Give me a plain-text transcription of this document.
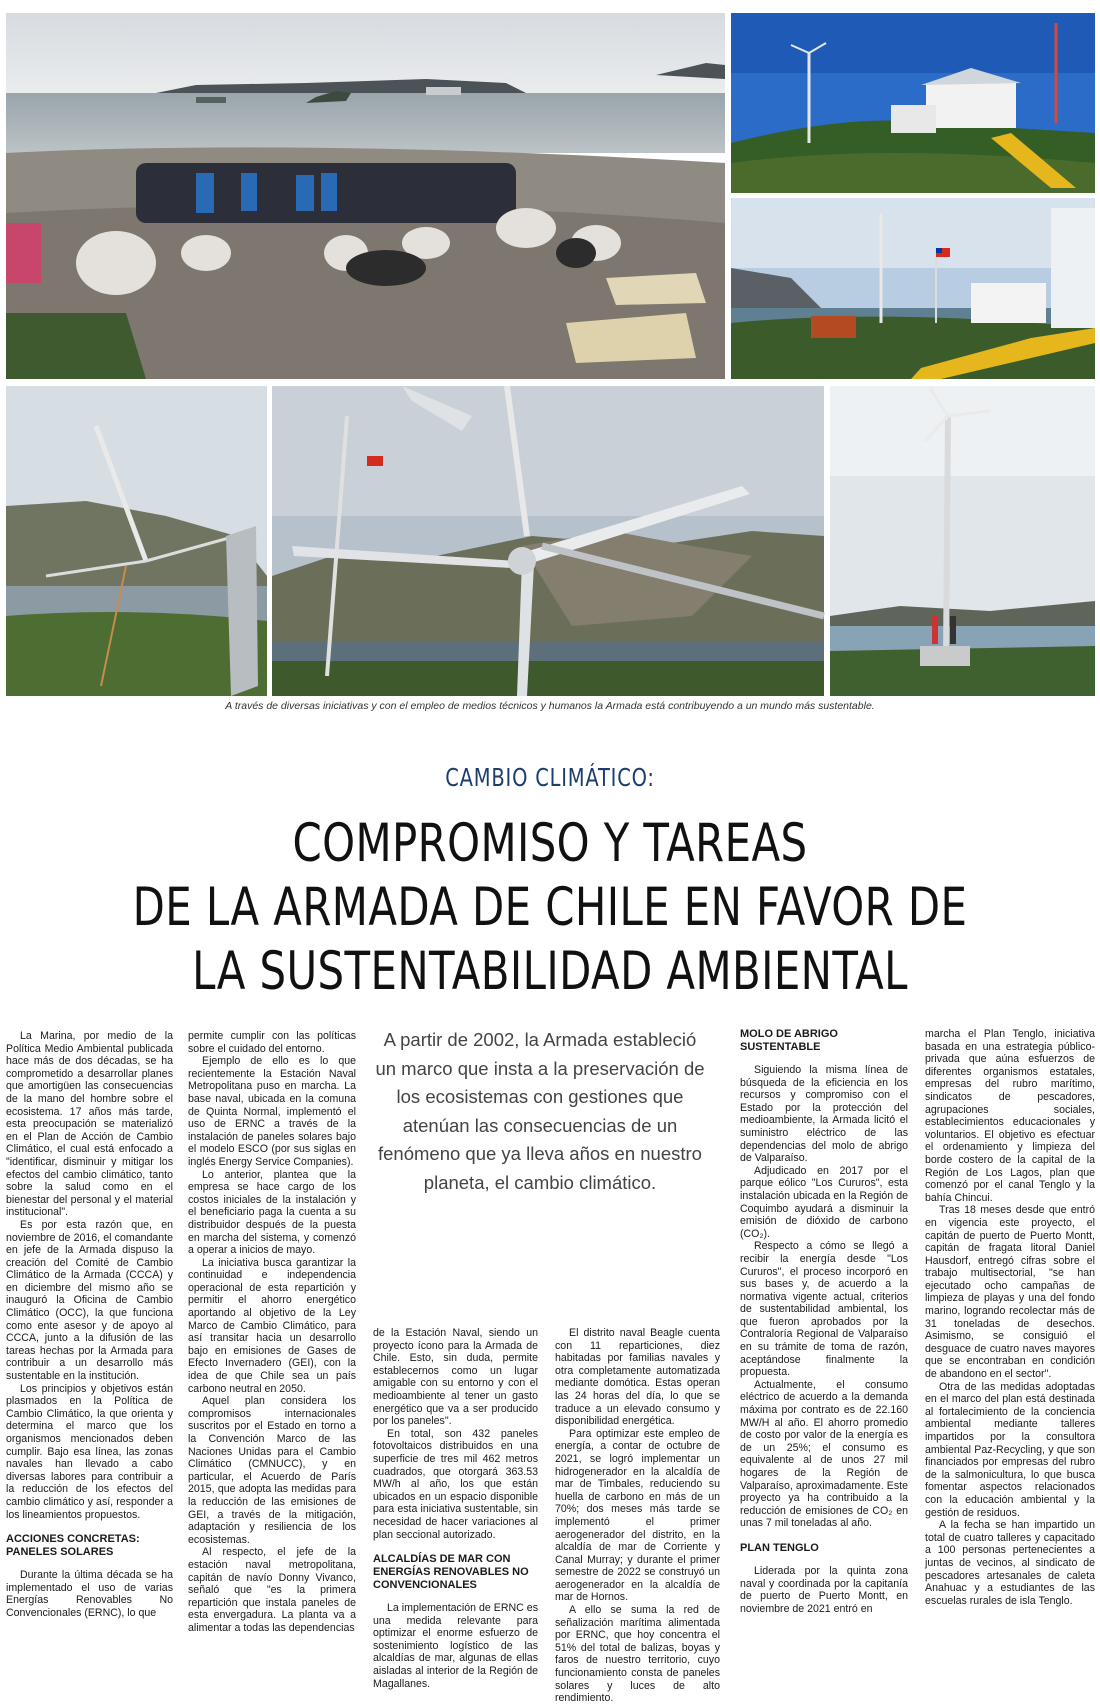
A través de diversas iniciativas y con el empleo de medios técnicos y humanos la Armada está contribuyendo a un mundo más sustentable.
CAMBIO CLIMÁTICO:
COMPROMISO Y TAREAS
DE LA ARMADA DE CHILE EN FAVOR DE
LA SUSTENTABILIDAD AMBIENTAL
A partir de 2002, la Armada estableció un marco que insta a la preservación de los ecosistemas con gestiones que atenúan las consecuencias de un fenómeno que ya lleva años en nuestro planeta, el cambio climático.

La Marina, por medio de la Política Medio Ambiental publicada hace más de dos décadas, se ha comprometido a desarrollar planes que amortigüen las consecuencias de la mano del hombre sobre el ecosistema. 17 años más tarde, esta preocupación se materializó en el Plan de Acción de Cambio Climático, el cual está enfocado a "identificar, disminuir y mitigar los efectos del cambio climático, tanto sobre la salud como en el bienestar del personal y el material institucional".

Es por esta razón que, en noviembre de 2016, el comandante en jefe de la Armada dispuso la creación del Comité de Cambio Climático de la Armada (CCCA) y en diciembre del mismo año se inauguró la Oficina de Cambio Climático (OCC), la que funciona como ente asesor y de apoyo al CCCA, junto a la difusión de las tareas hechas por la Armada para contribuir a un desarrollo más sustentable en la institución.

Los principios y objetivos están plasmados en la Política de Cambio Climático, la que orienta y determina el marco que los organismos mencionados deben cumplir. Bajo esa línea, las zonas navales han llevado a cabo diversas labores para contribuir a la reducción de los efectos del cambio climático y así, responder a los lineamientos propuestos.

ACCIONES CONCRETAS: PANELES SOLARES

Durante la última década se ha implementado el uso de varias Energías Renovables No Convencionales (ERNC), lo que

permite cumplir con las políticas sobre el cuidado del entorno.

Ejemplo de ello es lo que recientemente la Estación Naval Metropolitana puso en marcha. La base naval, ubicada en la comuna de Quinta Normal, implementó el uso de ERNC a través de la instalación de paneles solares bajo el modelo ESCO (por sus siglas en inglés Energy Service Companies).

Lo anterior, plantea que la empresa se hace cargo de los costos iniciales de la instalación y el beneficiario paga la cuenta a su distribuidor después de la puesta en marcha del sistema, y comenzó a operar a inicios de mayo.

La iniciativa busca garantizar la continuidad e independencia operacional de esta repartición y permitir el ahorro energético aportando al objetivo de la Ley Marco de Cambio Climático, para así transitar hacia un desarrollo bajo en emisiones de Gases de Efecto Invernadero (GEI), con la idea de que Chile sea un país carbono neutral en 2050.

Aquel plan considera los compromisos internacionales suscritos por el Estado en torno a la Convención Marco de las Naciones Unidas para el Cambio Climático (CMNUCC), y en particular, el Acuerdo de París 2015, que adopta las medidas para la reducción de las emisiones de GEI, a través de la mitigación, adaptación y resiliencia de los ecosistemas.

Al respecto, el jefe de la estación naval metropolitana, capitán de navío Donny Vivanco, señaló que "es la primera repartición que instala paneles de esta envergadura. La planta va a alimentar a todas las dependencias

de la Estación Naval, siendo un proyecto ícono para la Armada de Chile. Esto, sin duda, permite establecernos como un lugar amigable con su entorno y con el medioambiente al tener un gasto energético que va a ser producido por los paneles".

En total, son 432 paneles fotovoltaicos distribuidos en una superficie de tres mil 462 metros cuadrados, que otorgará 363.53 MW/h al año, los que están ubicados en un espacio disponible para esta iniciativa sustentable, sin necesidad de hacer variaciones al plan seccional autorizado.

ALCALDÍAS DE MAR CON ENERGÍAS RENOVABLES NO CONVENCIONALES

La implementación de ERNC es una medida relevante para optimizar el enorme esfuerzo de sostenimiento logístico de las alcaldías de mar, algunas de ellas aisladas al interior de la Región de Magallanes.

El distrito naval Beagle cuenta con 11 reparticiones, diez habitadas por familias navales y otra completamente automatizada mediante domótica. Estas operan las 24 horas del día, lo que se traduce a un elevado consumo y disponibilidad energética.

Para optimizar este empleo de energía, a contar de octubre de 2021, se logró implementar un hidrogenerador en la alcaldía de mar de Timbales, reduciendo su huella de carbono en más de un 70%; dos meses más tarde se implementó el primer aerogenerador del distrito, en la alcaldía de mar de Corriente y Canal Murray; y durante el primer semestre de 2022 se construyó un aerogenerador en la alcaldía de mar de Hornos.

A ello se suma la red de señalización marítima alimentada por ERNC, que hoy concentra el 51% del total de balizas, boyas y faros de nuestro territorio, cuyo funcionamiento consta de paneles solares y luces de alto rendimiento.

MOLO DE ABRIGO SUSTENTABLE

Siguiendo la misma línea de búsqueda de la eficiencia en los recursos y compromiso con el Estado por la protección del medioambiente, la Armada licitó el suministro eléctrico de las dependencias del molo de abrigo de Valparaíso.

Adjudicado en 2017 por el parque eólico "Los Cururos", esta instalación ubicada en la Región de Coquimbo ayudará a disminuir la emisión de dióxido de carbono (CO₂).

Respecto a cómo se llegó a recibir la energía desde "Los Cururos", el proceso incorporó en sus bases y, de acuerdo a la normativa vigente actual, criterios de sustentabilidad ambiental, los que fueron aprobados por la Contraloría Regional de Valparaíso en su trámite de toma de razón, aceptándose finalmente la propuesta.

Actualmente, el consumo eléctrico de acuerdo a la demanda máxima por contrato es de 22.160 MW/H al año. El ahorro promedio de costo por valor de la energía es de un 25%; el consumo es equivalente al de unos 27 mil hogares de la Región de Valparaíso, aproximadamente. Este proyecto ya ha contribuido a la reducción de emisiones de CO₂ en unas 7 mil toneladas al año.

PLAN TENGLO

Liderada por la quinta zona naval y coordinada por la capitanía de puerto de Puerto Montt, en noviembre de 2021 entró en

marcha el Plan Tenglo, iniciativa basada en una estrategia público-privada que aúna esfuerzos de diferentes organismos estatales, empresas del rubro marítimo, sindicatos de pescadores, agrupaciones sociales, establecimientos educacionales y voluntarios. El objetivo es efectuar el ordenamiento y limpieza del borde costero de la capital de la Región de Los Lagos, plan que comenzó por el canal Tenglo y la bahía Chincui.

Tras 18 meses desde que entró en vigencia este proyecto, el capitán de puerto de Puerto Montt, capitán de fragata litoral Daniel Hausdorf, entregó cifras sobre el trabajo multisectorial, "se han ejecutado ocho campañas de limpieza de playas y una del fondo marino, logrando recolectar más de 31 toneladas de desechos. Asimismo, se consiguió el desguace de cuatro naves mayores que se encontraban en condición de abandono en el sector".

Otra de las medidas adoptadas en el marco del plan está destinada al fortalecimiento de la conciencia ambiental mediante talleres impartidos por la consultora ambiental Paz-Recycling, y que son financiados por empresas del rubro de la salmonicultura, lo que busca fomentar aspectos relacionados con la educación ambiental y la gestión de residuos.

A la fecha se han impartido un total de cuatro talleres y capacitado a 100 personas pertenecientes a juntas de vecinos, al sindicato de pescadores artesanales de caleta Anahuac y a estudiantes de las escuelas rurales de isla Tenglo.
